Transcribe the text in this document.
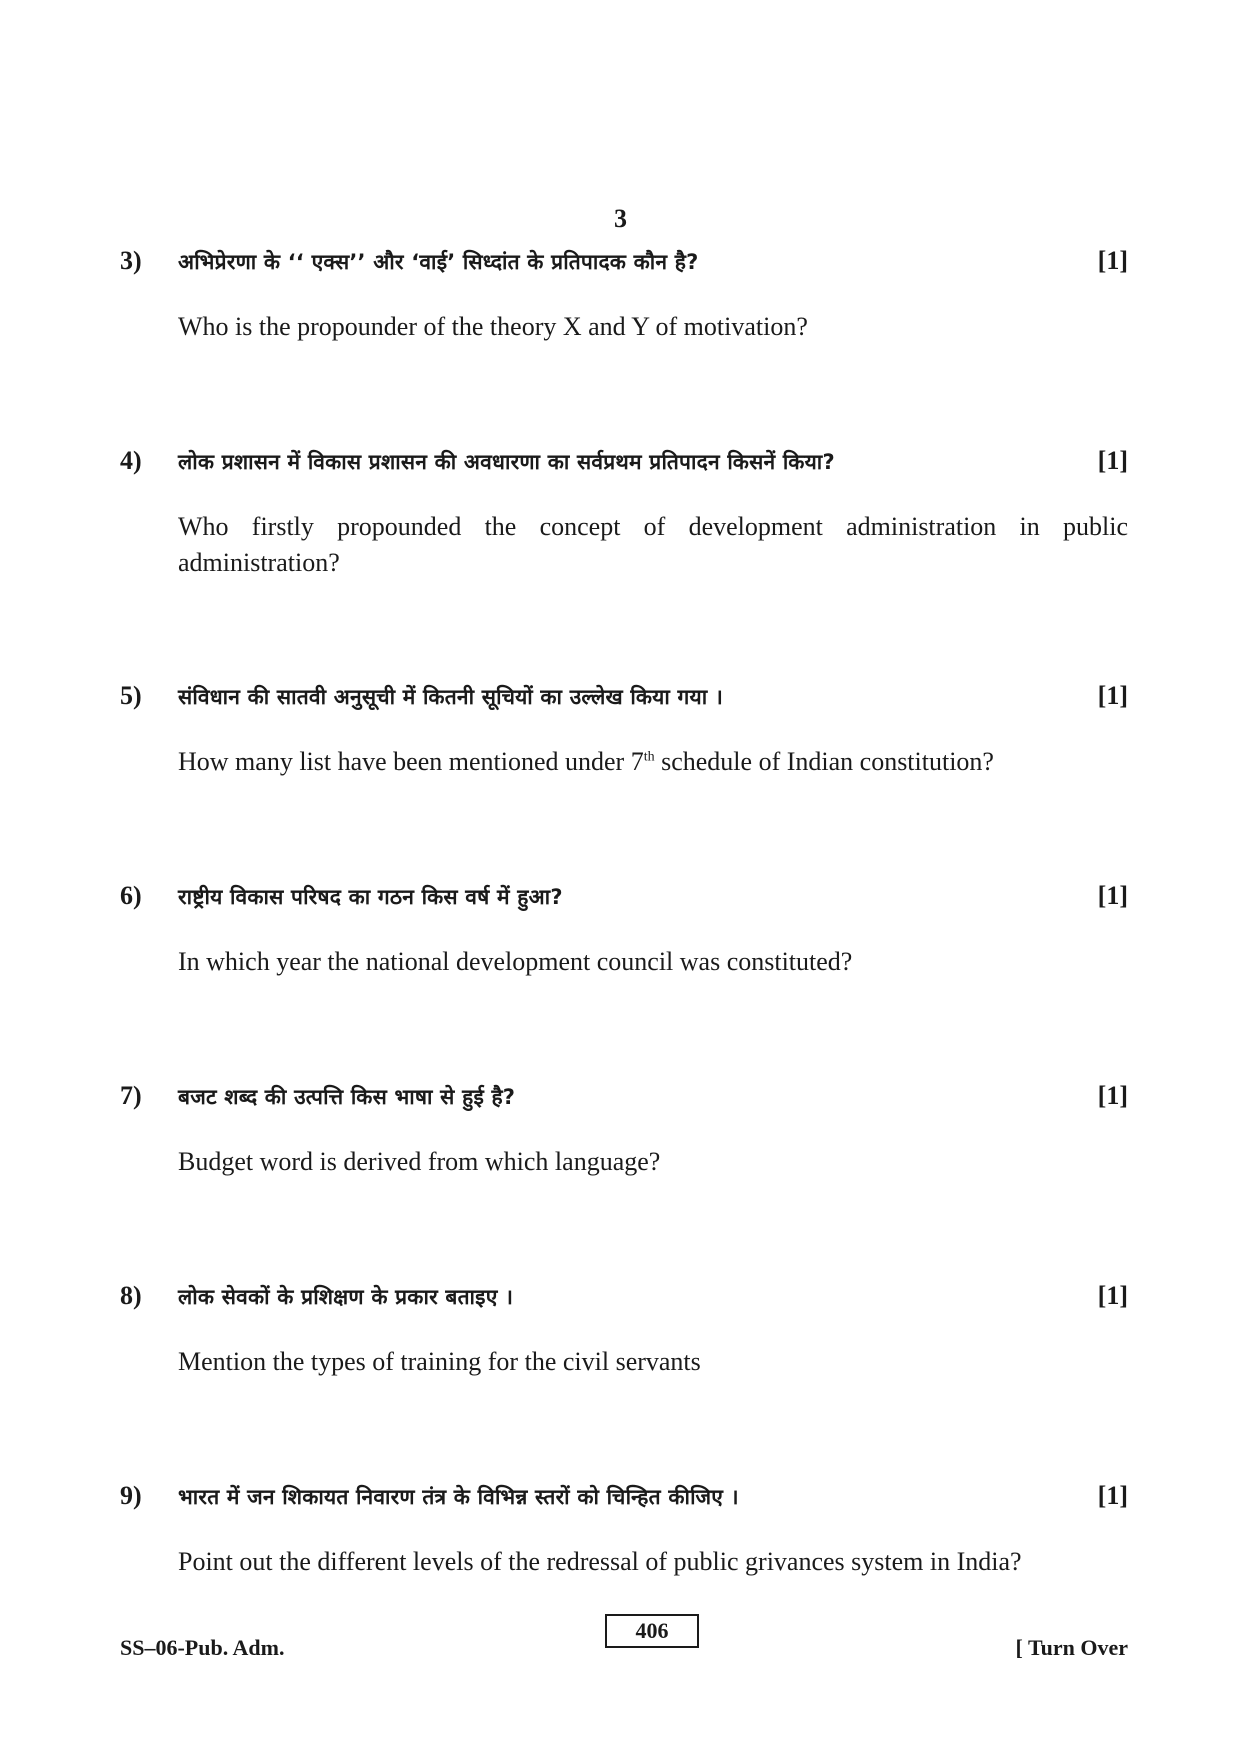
3
3) अभिप्रेरणा के ‘‘ एक्स’’ और ‘वाई’ सिध्दांत के प्रतिपादक कौन है?	[1]
Who is the propounder of the theory X and Y of motivation?
4) लोक प्रशासन में विकास प्रशासन की अवधारणा का सर्वप्रथम प्रतिपादन किसनें किया?	[1]
Who firstly propounded the concept of development administration in public administration?
5) संविधान की सातवी अनुसूची में कितनी सूचियों का उल्लेख किया गया ।	[1]
How many list have been mentioned under 7th schedule of Indian constitution?
6) राष्ट्रीय विकास परिषद का गठन किस वर्ष में हुआ?	[1]
In which year the national development council was constituted?
7) बजट शब्द की उत्पत्ति किस भाषा से हुई है?	[1]
Budget word is derived from which language?
8) लोक सेवकों के प्रशिक्षण के प्रकार बताइए ।	[1]
Mention the types of training for the civil servants
9) भारत में जन शिकायत निवारण तंत्र के विभिन्न स्तरों को चिन्हित कीजिए ।	[1]
Point out the different levels of the redressal of public grivances system in India?
SS–06-Pub. Adm.
406
[ Turn Over
